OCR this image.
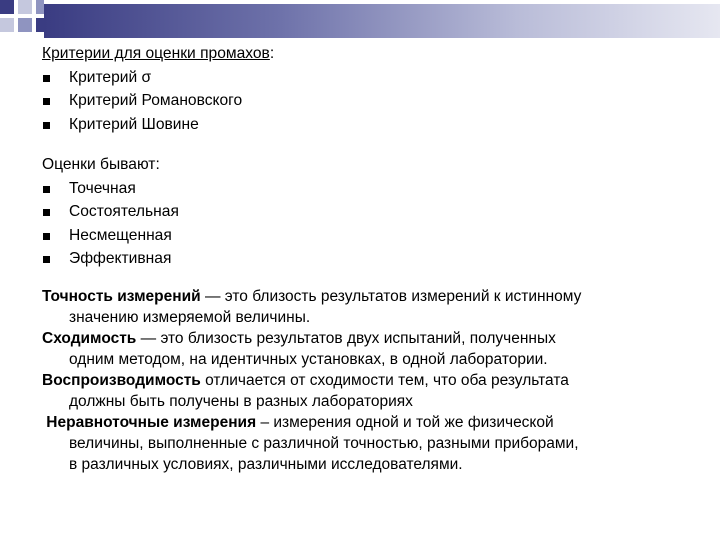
Критерии для оценки промахов:
Критерий σ
Критерий Романовского
Критерий Шовине
Оценки бывают:
Точечная
Состоятельная
Несмещенная
Эффективная

Точность измерений — это близость результатов измерений к истинному
значению измеряемой величины.

Сходимость — это близость результатов двух испытаний, полученных
одним методом, на идентичных установках, в одной лаборатории.

Воспроизводимость отличается от сходимости тем, что оба результата
должны быть получены в разных лабораториях

Неравноточные измерения – измерения одной и той же физической
величины, выполненные с различной точностью, разными приборами,
в различных условиях, различными исследователями.
